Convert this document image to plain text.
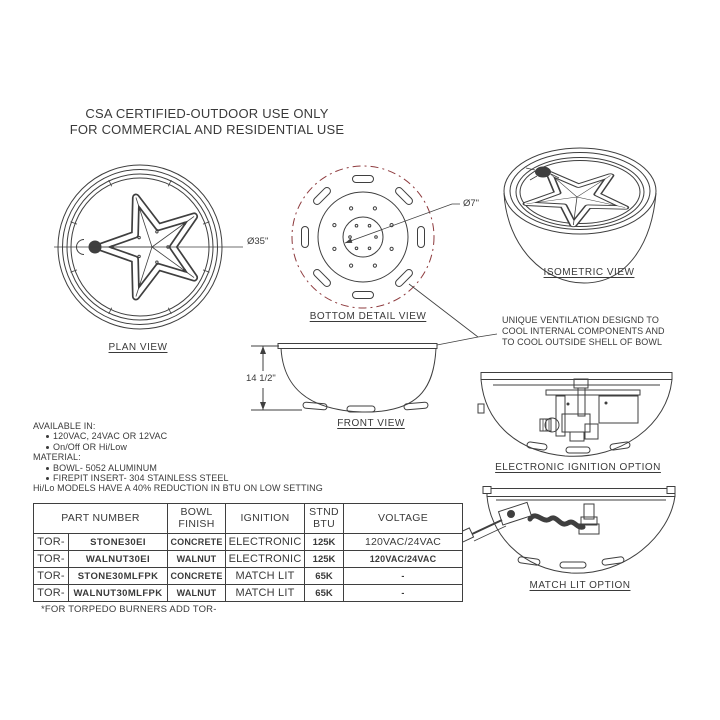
CSA CERTIFIED-OUTDOOR USE ONLY
FOR COMMERCIAL AND RESIDENTIAL USE
Ø35"
PLAN VIEW
Ø7"
BOTTOM DETAIL VIEW
ISOMETRIC VIEW
14 1/2"
FRONT VIEW
UNIQUE VENTILATION DESIGND TO
COOL INTERNAL COMPONENTS AND
TO COOL OUTSIDE SHELL OF BOWL
ELECTRONIC IGNITION OPTION
MATCH LIT OPTION
AVAILABLE IN:
120VAC, 24VAC OR 12VAC
On/Off OR Hi/Low
MATERIAL:
BOWL- 5052 ALUMINUM
FIREPIT INSERT- 304 STAINLESS STEEL
Hi/Lo MODELS HAVE A 40% REDUCTION IN BTU ON LOW SETTING
PART NUMBER		BOWL FINISH	IGNITION	STND BTU	VOLTAGE
TOR-	STONE30EI	CONCRETE	ELECTRONIC	125K	120VAC/24VAC
TOR-	WALNUT30EI	WALNUT	ELECTRONIC	125K	120VAC/24VAC
TOR-	STONE30MLFPK	CONCRETE	MATCH LIT	65K	-
TOR-	WALNUT30MLFPK	WALNUT	MATCH LIT	65K	-
*FOR TORPEDO BURNERS ADD TOR-
